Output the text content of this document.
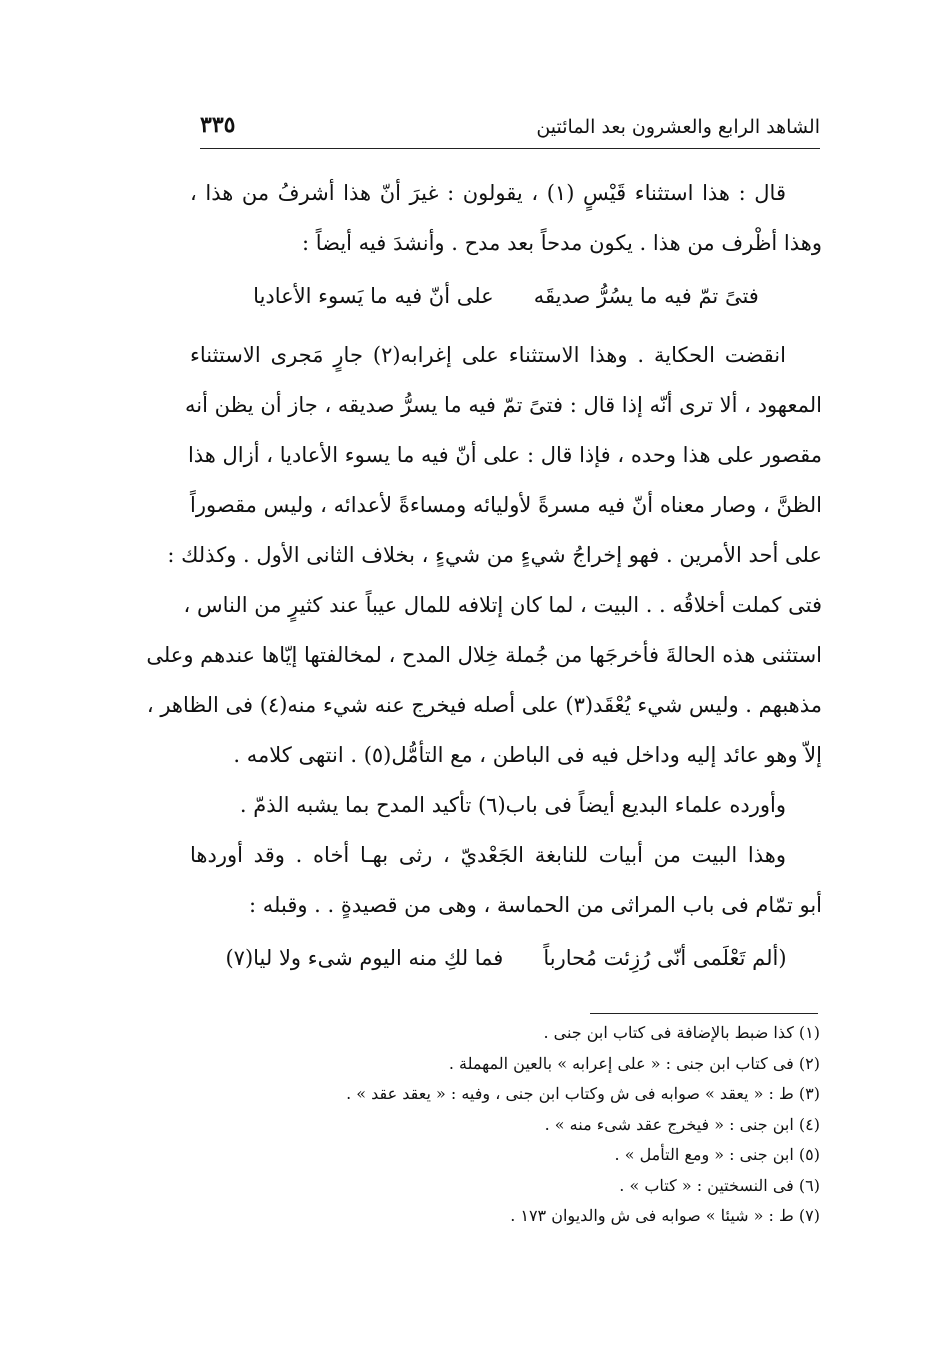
الشاهد الرابع والعشرون بعد المائتين
٣٣٥
قال : هذا استثناء قَيْسٍ (١) ، يقولون : غيرَ أنّ هذا أشرفُ من هذا ،
وهذا أظْرف من هذا . يكون مدحاً بعد مدح . وأنشدَ فيه أيضاً :
فتىً تمّ فيه ما يسُرُّ صديقَه
على أنّ فيه ما يَسوء الأعاديا
انقضت الحكاية . وهذا الاستثناء على إغرابه(٢) جارٍ مَجرى الاستثناء
المعهود ، ألا ترى أنّه إذا قال : فتىً تمّ فيه ما يسرُّ صديقه ، جاز أن يظن أنه
مقصور على هذا وحده ، فإذا قال : على أنّ فيه ما يسوء الأعاديا ، أزال هذا
الظنَّ ، وصار معناه أنّ فيه مسرةً لأوليائه ومساءةً لأعدائه ، وليس مقصوراً
على أحد الأمرين . فهو إخراجُ شيءٍ من شيءٍ ، بخلاف الثانى الأول . وكذلك :
فتى كملت أخلاقُه . . البيت ، لما كان إتلافه للمال عيباً عند كثيرٍ من الناس ،
استثنى هذه الحالةَ فأخرجَها من جُملة خِلال المدح ، لمخالفتها إيّاها عندهم وعلى
مذهبهم . وليس شيء يُعْقَد(٣) على أصله فيخرج عنه شيء منه(٤) فى الظاهر ،
إلاّ وهو عائد إليه وداخل فيه فى الباطن ، مع التأمُّل(٥) . انتهى كلامه .
وأورده علماء البديع أيضاً فى باب(٦) تأكيد المدح بما يشبه الذمّ .
وهذا البيت من أبيات للنابغة الجَعْديّ ، رثى بهـا أخاه . وقد أوردها
أبو تمّام فى باب المراثى من الحماسة ، وهى من قصيدةٍ . . وقبله :
(ألم تَعْلَمى أنّى رُزِئت مُحارباً
فما لكِ منه اليوم شىء ولا ليا(٧)
(١) كذا ضبط بالإضافة فى كتاب ابن جنى .
(٢) فى كتاب ابن جنى : « على إعرابه » بالعين المهملة .
(٣) ط : « يعقد » صوابه فى ش وكتاب ابن جنى ، وفيه : « يعقد عقد » .
(٤) ابن جنى : « فيخرج عقد شىء منه » .
(٥) ابن جنى : « ومع التأمل » .
(٦) فى النسختين : « كتاب » .
(٧) ط : « شيئا » صوابه فى ش والديوان ١٧٣ .
